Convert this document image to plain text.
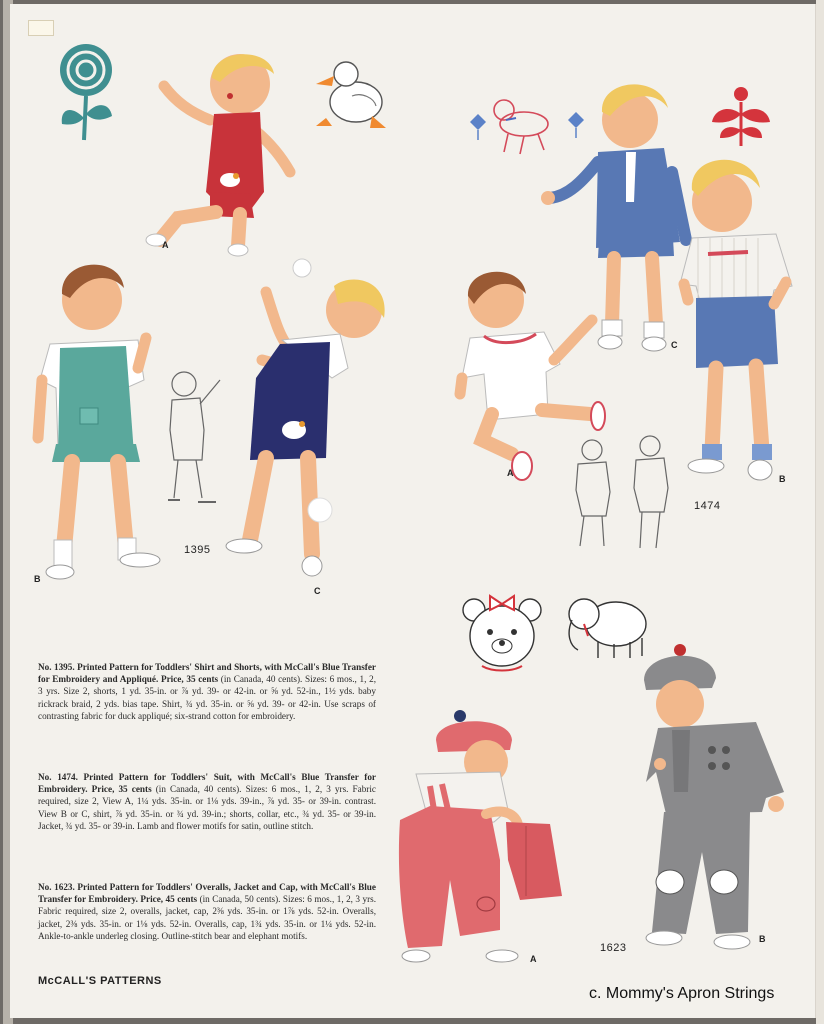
A
B
C
1395
A
B
C
1474
A
B
1623
No. 1395. Printed Pattern for Toddlers' Shirt and Shorts, with McCall's Blue Transfer for Embroidery and Appliqué. Price, 35 cents (in Canada, 40 cents). Sizes: 6 mos., 1, 2, 3 yrs. Size 2, shorts, 1 yd. 35-in. or ⅞ yd. 39- or 42-in. or ⅝ yd. 52-in., 1½ yds. baby rickrack braid, 2 yds. bias tape. Shirt, ¾ yd. 35-in. or ⅝ yd. 39- or 42-in. Use scraps of contrasting fabric for duck appliqué; six-strand cotton for embroidery.
No. 1474. Printed Pattern for Toddlers' Suit, with McCall's Blue Transfer for Embroidery. Price, 35 cents (in Canada, 40 cents). Sizes: 6 mos., 1, 2, 3 yrs. Fabric required, size 2, View A, 1¼ yds. 35-in. or 1⅛ yds. 39-in., ⅞ yd. 35- or 39-in. contrast. View B or C, shirt, ⅞ yd. 35-in. or ¾ yd. 39-in.; shorts, collar, etc., ¾ yd. 35- or 39-in. Jacket, ¾ yd. 35- or 39-in. Lamb and flower motifs for satin, outline stitch.
No. 1623. Printed Pattern for Toddlers' Overalls, Jacket and Cap, with McCall's Blue Transfer for Embroidery. Price, 45 cents (in Canada, 50 cents). Sizes: 6 mos., 1, 2, 3 yrs. Fabric required, size 2, overalls, jacket, cap, 2⅜ yds. 35-in. or 1⅞ yds. 52-in. Overalls, jacket, 2⅜ yds. 35-in. or 1⅛ yds. 52-in. Overalls, cap, 1¾ yds. 35-in. or 1¼ yds. 52-in. Ankle-to-ankle underleg closing. Outline-stitch bear and elephant motifs.
McCALL'S PATTERNS
c. Mommy's Apron Strings
